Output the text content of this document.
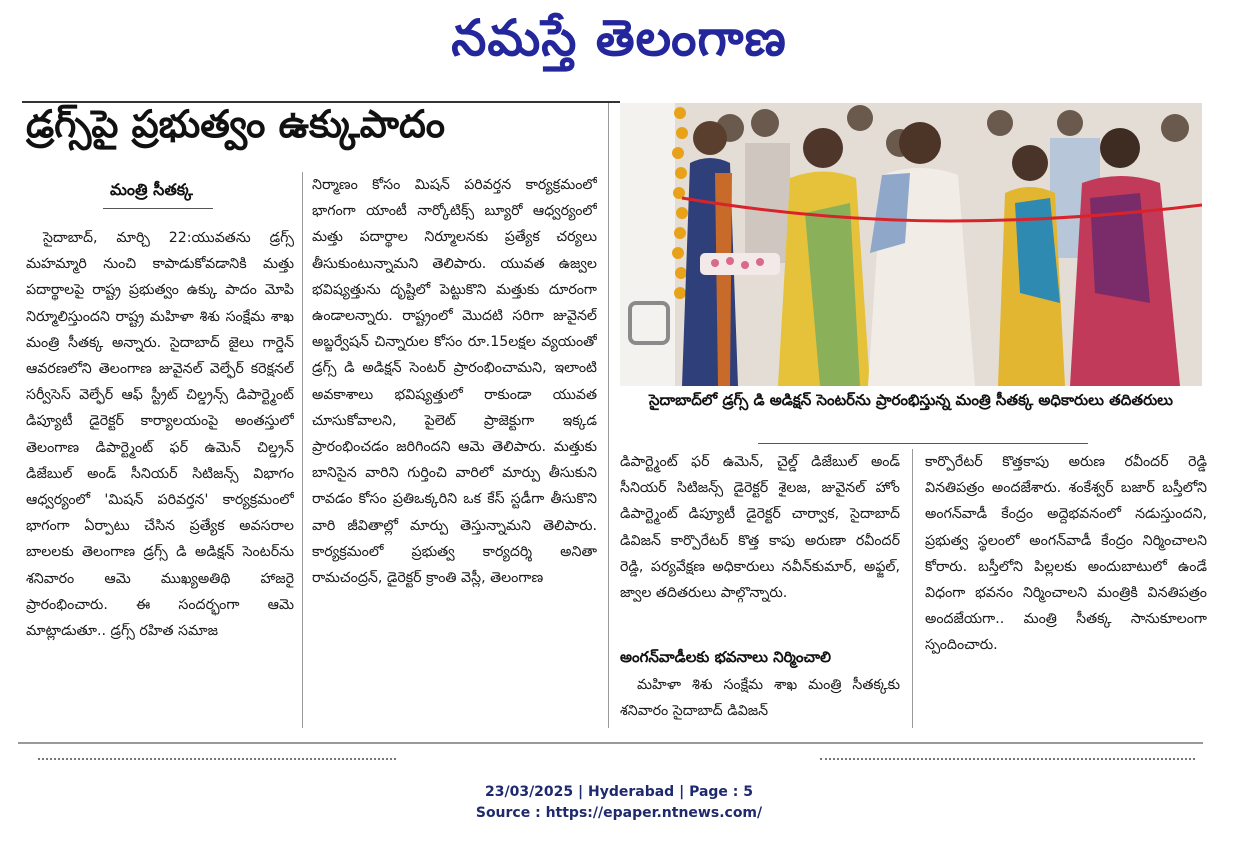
నమస్తే తెలంగాణ
డ్రగ్స్‌పై ప్రభుత్వం ఉక్కుపాదం
మంత్రి సీతక్క

సైదాబాద్, మార్చి 22:యువతను డ్రగ్స్ మహమ్మారి నుంచి కాపాడుకోవడానికి మత్తు పదార్థాలపై రాష్ట్ర ప్రభుత్వం ఉక్కు పాదం మోపి నిర్మూలిస్తుందని రాష్ట్ర మహిళా శిశు సంక్షేమ శాఖ మంత్రి సీతక్క అన్నారు. సైదాబాద్ జైలు గార్డెన్ ఆవరణలోని తెలంగాణ జువైనల్ వెల్ఫేర్ కరెక్షనల్ సర్వీసెస్ వెల్ఫేర్ ఆఫ్ స్ట్రీట్ చిల్డ్రన్స్ డిపార్ట్మెంట్ డిప్యూటీ డైరెక్టర్ కార్యాలయంపై అంతస్తులో తెలంగాణ డిపార్ట్మెంట్ ఫర్ ఉమెన్ చిల్డ్రన్ డిజేబుల్ అండ్ సీనియర్ సిటిజన్స్ విభాగం ఆధ్వర్యంలో 'మిషన్ పరివర్తన' కార్యక్రమంలో భాగంగా ఏర్పాటు చేసిన ప్రత్యేక అవసరాల బాలలకు తెలంగాణ డ్రగ్స్ డి అడిక్షన్ సెంటర్‌ను శనివారం ఆమె ముఖ్యఅతిథి హాజరై ప్రారంభించారు. ఈ సందర్భంగా ఆమె మాట్లాడుతూ.. డ్రగ్స్ రహిత సమాజ

నిర్మాణం కోసం మిషన్ పరివర్తన కార్యక్రమంలో భాగంగా యాంటీ నార్కోటిక్స్ బ్యూరో ఆధ్వర్యంలో మత్తు పదార్థాల నిర్మూలనకు ప్రత్యేక చర్యలు తీసుకుంటున్నామని తెలిపారు. యువత ఉజ్వల భవిష్యత్తును దృష్టిలో పెట్టుకొని మత్తుకు దూరంగా ఉండాలన్నారు. రాష్ట్రంలో మొదటి సరిగా జువైనల్ అబ్జర్వేషన్ చిన్నారుల కోసం రూ.15లక్షల వ్యయంతో డ్రగ్స్ డి అడిక్షన్ సెంటర్ ప్రారంభించామని, ఇలాంటి అవకాశాలు భవిష్యత్తులో రాకుండా యువత చూసుకోవాలని, పైలెట్ ప్రాజెక్టుగా ఇక్కడ ప్రారంభించడం జరిగిందని ఆమె తెలిపారు. మత్తుకు బానిసైన వారిని గుర్తించి వారిలో మార్పు తీసుకుని రావడం కోసం ప్రతిఒక్కరిని ఒక కేస్ స్టడీగా తీసుకొని వారి జీవితాల్లో మార్పు తెస్తున్నామని తెలిపారు. కార్యక్రమంలో ప్రభుత్వ కార్యదర్శి అనితా రామచంద్రన్, డైరెక్టర్ క్రాంతి వెస్లీ, తెలంగాణ

సైదాబాద్‌లో డ్రగ్స్ డి అడిక్షన్ సెంటర్‌ను ప్రారంభిస్తున్న మంత్రి సీతక్క అధికారులు తదితరులు

డిపార్ట్మెంట్ ఫర్ ఉమెన్, చైల్డ్ డిజేబుల్ అండ్ సీనియర్ సిటిజన్స్ డైరెక్టర్ శైలజ, జువైనల్ హోం డిపార్ట్మెంట్ డిప్యూటీ డైరెక్టర్ చార్వాక, సైదాబాద్ డివిజన్ కార్పొరేటర్ కొత్త కాపు అరుణా రవీందర్ రెడ్డి, పర్యవేక్షణ అధికారులు నవీన్‌కుమార్, అఫ్జల్, జ్వాల తదితరులు పాల్గొన్నారు.

అంగన్‌వాడీలకు భవనాలు నిర్మించాలి

మహిళా శిశు సంక్షేమ శాఖ మంత్రి సీతక్కకు శనివారం సైదాబాద్ డివిజన్

కార్పొరేటర్ కొత్తకాపు అరుణ రవీందర్ రెడ్డి వినతిపత్రం అందజేశారు. శంకేశ్వర్ బజార్ బస్తీలోని అంగన్‌వాడీ కేంద్రం అద్దెభవనంలో నడుస్తుందని, ప్రభుత్వ స్థలంలో అంగన్‌వాడీ కేంద్రం నిర్మించాలని కోరారు. బస్తీలోని పిల్లలకు అందుబాటులో ఉండే విధంగా భవనం నిర్మించాలని మంత్రికి వినతిపత్రం అందజేయగా.. మంత్రి సీతక్క సానుకూలంగా స్పందించారు.

23/03/2025 | Hyderabad | Page : 5
Source : https://epaper.ntnews.com/
